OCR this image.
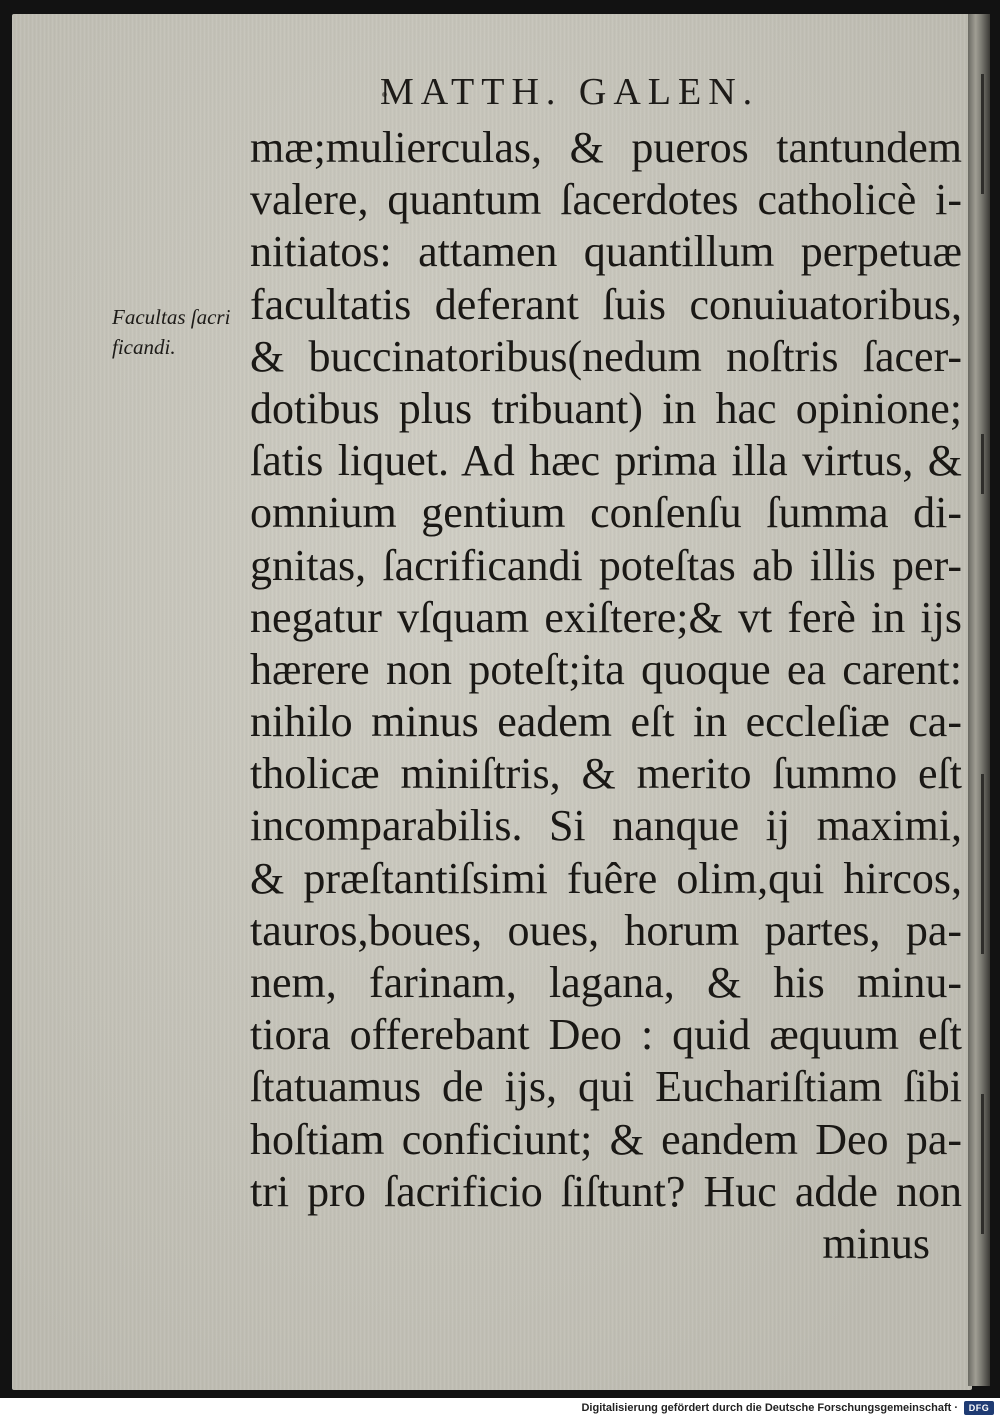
MATTH. GALEN.
Facultas ſacri
ficandi.
mæ;mulierculas, & pueros tantundem
valere, quantum ſacerdotes catholicè i-
nitiatos: attamen quantillum perpetuæ
facultatis deferant ſuis conuiuatoribus,
& buccinatoribus(nedum noſtris ſacer-
dotibus plus tribuant) in hac opinione;
ſatis liquet. Ad hæc prima illa virtus, &
omnium gentium conſenſu ſumma di-
gnitas, ſacrificandi poteſtas ab illis per-
negatur vſquam exiſtere;& vt ferè in ijs
hærere non poteſt;ita quoque ea carent:
nihilo minus eadem eſt in eccleſiæ ca-
tholicæ miniſtris, & merito ſummo eſt
incomparabilis. Si nanque ij maximi,
& præſtantiſsimi fuêre olim,qui hircos,
tauros,boues, oues, horum partes, pa-
nem, farinam, lagana, & his minu-
tiora offerebant Deo : quid æquum eſt
ſtatuamus de ijs, qui Euchariſtiam ſibi
hoſtiam conficiunt; & eandem Deo pa-
tri pro ſacrificio ſiſtunt? Huc adde non
minus
Digitalisierung gefördert durch die Deutsche Forschungsgemeinschaft ·	DFG
